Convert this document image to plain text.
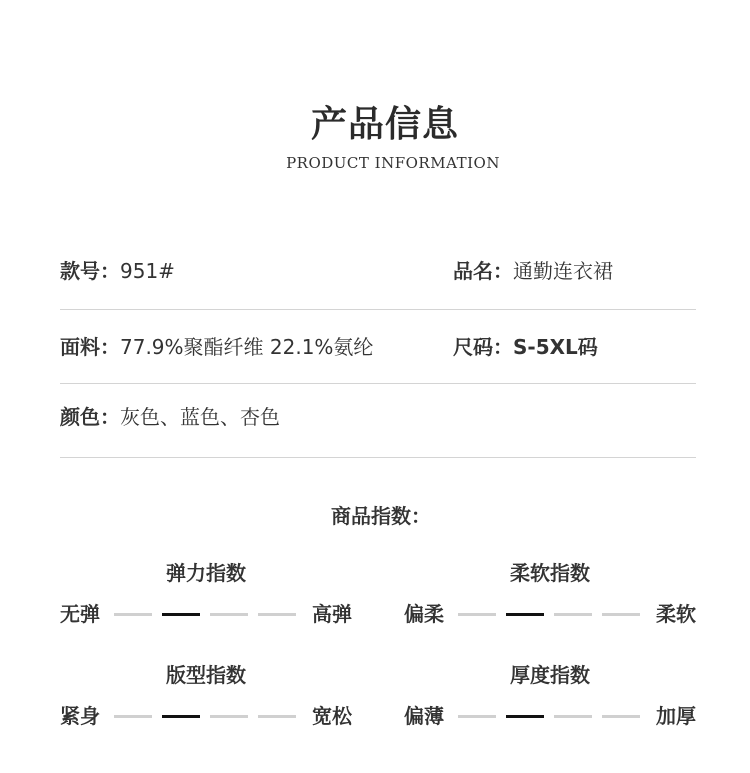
产品信息
PRODUCT INFORMATION
款号：951#	品名：通勤连衣裙
面料：77.9%聚酯纤维 22.1%氨纶	尺码：S-5XL码
颜色：灰色、蓝色、杏色
商品指数：
弹力指数
无弹	高弹
柔软指数
偏柔	柔软
版型指数
紧身	宽松
厚度指数
偏薄	加厚
